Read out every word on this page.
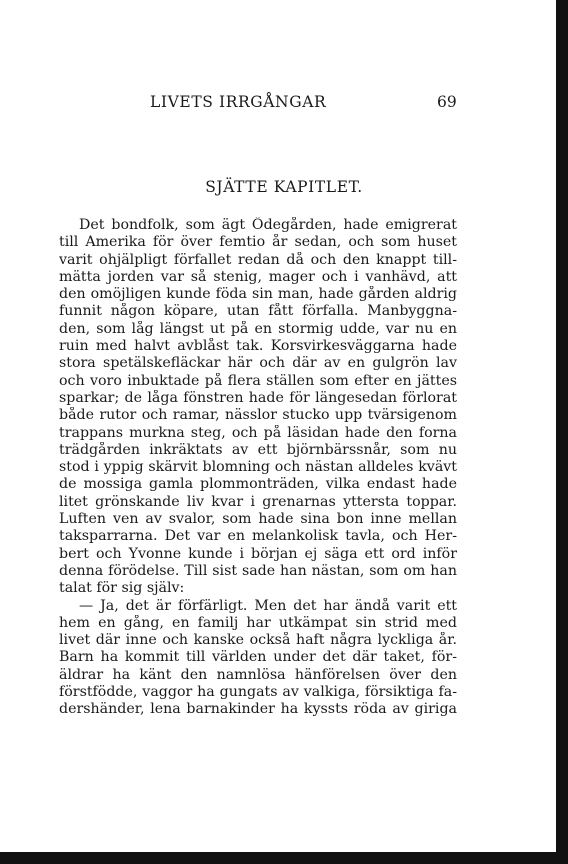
LIVETS IRRGÅNGAR	69
SJÄTTE KAPITLET.
Det bondfolk, som ägt Ödegården, hade emigrerat
till Amerika för över femtio år sedan, och som huset
varit ohjälpligt förfallet redan då och den knappt till-
mätta jorden var så stenig, mager och i vanhävd, att
den omöjligen kunde föda sin man, hade gården aldrig
funnit någon köpare, utan fått förfalla. Manbyggna-
den, som låg längst ut på en stormig udde, var nu en
ruin med halvt avblåst tak. Korsvirkesväggarna hade
stora spetälskefläckar här och där av en gulgrön lav
och voro inbuktade på flera ställen som efter en jättes
sparkar; de låga fönstren hade för längesedan förlorat
både rutor och ramar, nässlor stucko upp tvärsigenom
trappans murkna steg, och på läsidan hade den forna
trädgården inkräktats av ett björnbärssnår, som nu
stod i yppig skärvit blomning och nästan alldeles kvävt
de mossiga gamla plommonträden, vilka endast hade
litet grönskande liv kvar i grenarnas yttersta toppar.
Luften ven av svalor, som hade sina bon inne mellan
taksparrarna. Det var en melankolisk tavla, och Her-
bert och Yvonne kunde i början ej säga ett ord inför
denna förödelse. Till sist sade han nästan, som om han
talat för sig själv:
— Ja, det är förfärligt. Men det har ändå varit ett
hem en gång, en familj har utkämpat sin strid med
livet där inne och kanske också haft några lyckliga år.
Barn ha kommit till världen under det där taket, för-
äldrar ha känt den namnlösa hänförelsen över den
förstfödde, vaggor ha gungats av valkiga, försiktiga fa-
dershänder, lena barnakinder ha kyssts röda av giriga
